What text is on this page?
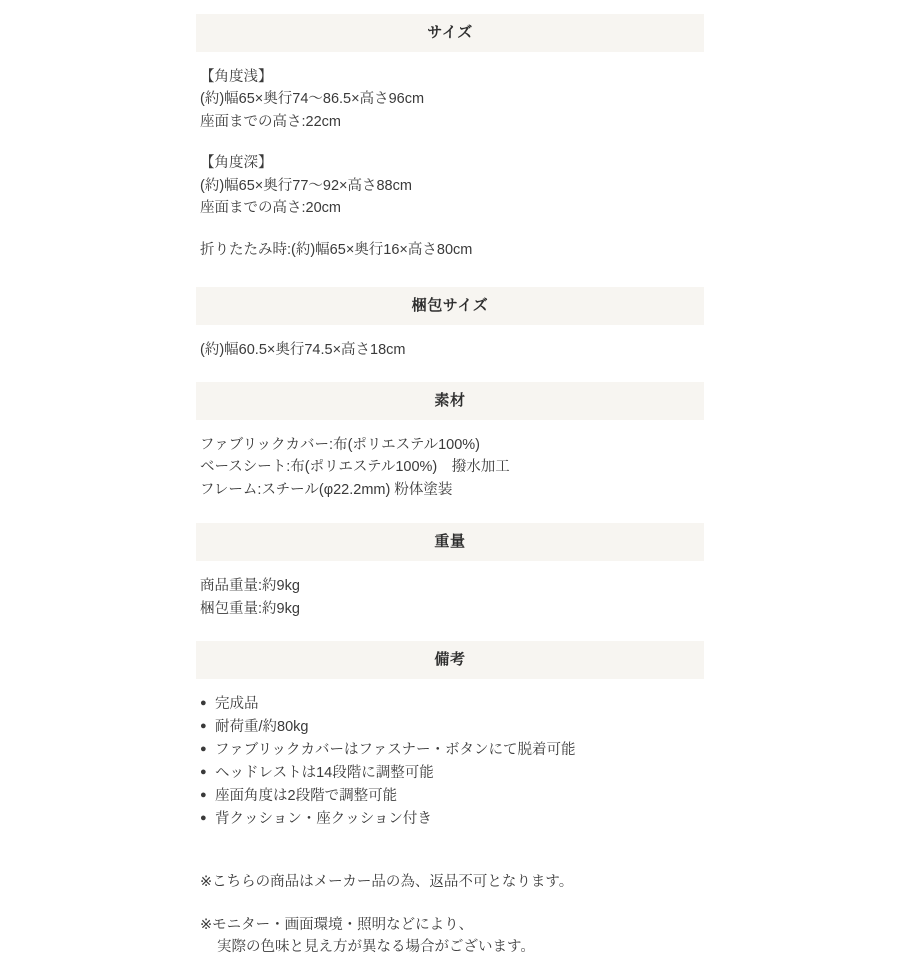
サイズ

【角度浅】

(約)幅65×奥行74〜86.5×高さ96cm

座面までの高さ:22cm

【角度深】

(約)幅65×奥行77〜92×高さ88cm

座面までの高さ:20cm

折りたたみ時:(約)幅65×奥行16×高さ80cm

梱包サイズ

(約)幅60.5×奥行74.5×高さ18cm

素材

ファブリックカバー:布(ポリエステル100%)

ベースシート:布(ポリエステル100%)　撥水加工

フレーム:スチール(φ22.2mm) 粉体塗装

重量

商品重量:約9kg

梱包重量:約9kg

備考
● 完成品
● 耐荷重/約80kg
● ファブリックカバーはファスナー・ボタンにて脱着可能
● ヘッドレストは14段階に調整可能
● 座面角度は2段階で調整可能
● 背クッション・座クッション付き

※こちらの商品はメーカー品の為、返品不可となります。

※モニター・画面環境・照明などにより、

実際の色味と見え方が異なる場合がございます。
